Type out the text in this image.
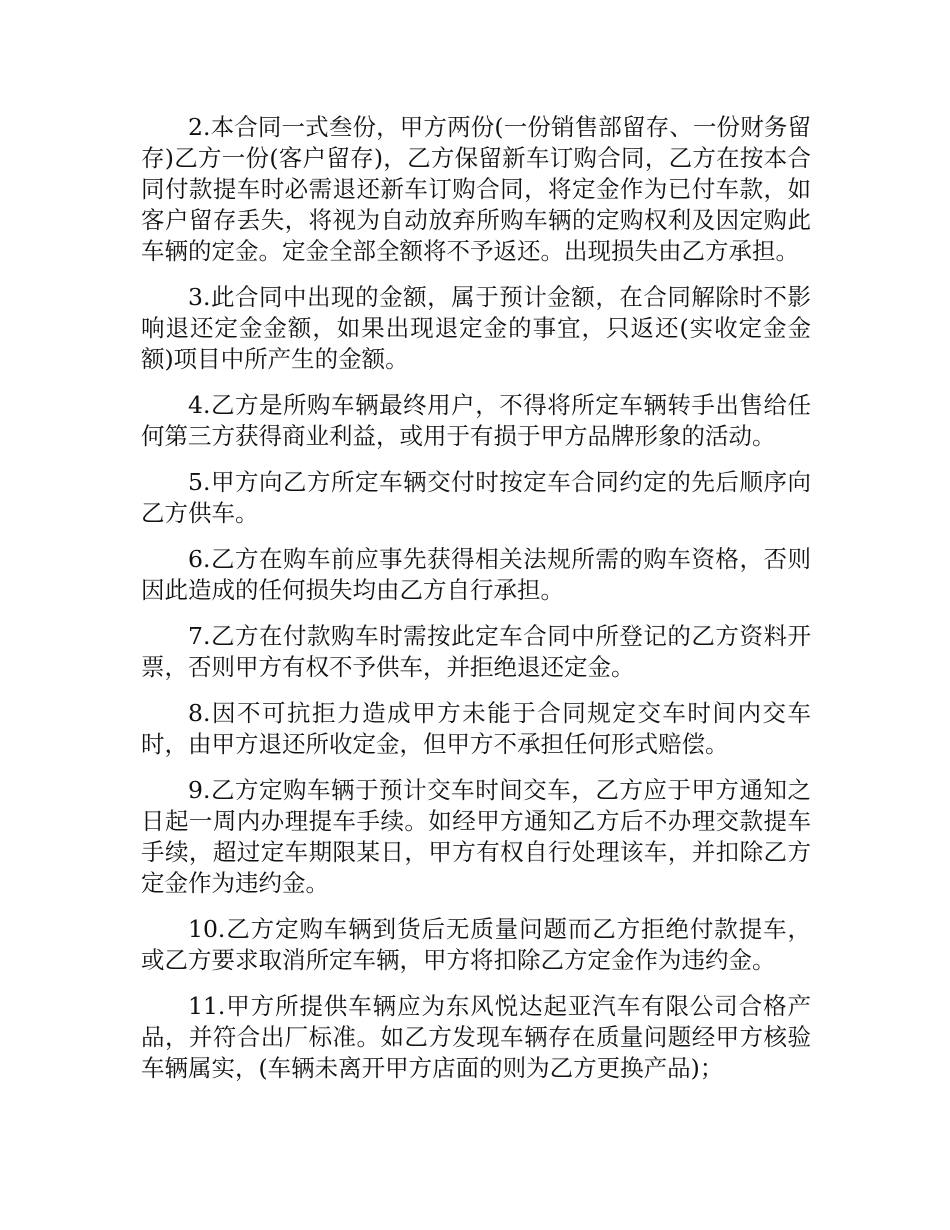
2.本合同一式叁份，甲方两份(一份销售部留存、一份财务留存)乙方一份(客户留存)，乙方保留新车订购合同，乙方在按本合同付款提车时必需退还新车订购合同，将定金作为已付车款，如客户留存丢失，将视为自动放弃所购车辆的定购权利及因定购此车辆的定金。定金全部全额将不予返还。出现损失由乙方承担。

3.此合同中出现的金额，属于预计金额，在合同解除时不影响退还定金金额，如果出现退定金的事宜，只返还(实收定金金额)项目中所产生的金额。

4.乙方是所购车辆最终用户，不得将所定车辆转手出售给任何第三方获得商业利益，或用于有损于甲方品牌形象的活动。

5.甲方向乙方所定车辆交付时按定车合同约定的先后顺序向乙方供车。

6.乙方在购车前应事先获得相关法规所需的购车资格，否则因此造成的任何损失均由乙方自行承担。

7.乙方在付款购车时需按此定车合同中所登记的乙方资料开票，否则甲方有权不予供车，并拒绝退还定金。

8.因不可抗拒力造成甲方未能于合同规定交车时间内交车时，由甲方退还所收定金，但甲方不承担任何形式赔偿。

9.乙方定购车辆于预计交车时间交车，乙方应于甲方通知之日起一周内办理提车手续。如经甲方通知乙方后不办理交款提车手续，超过定车期限某日，甲方有权自行处理该车，并扣除乙方定金作为违约金。

10.乙方定购车辆到货后无质量问题而乙方拒绝付款提车，或乙方要求取消所定车辆，甲方将扣除乙方定金作为违约金。

11.甲方所提供车辆应为东风悦达起亚汽车有限公司合格产品，并符合出厂标准。如乙方发现车辆存在质量问题经甲方核验车辆属实，(车辆未离开甲方店面的则为乙方更换产品)；
